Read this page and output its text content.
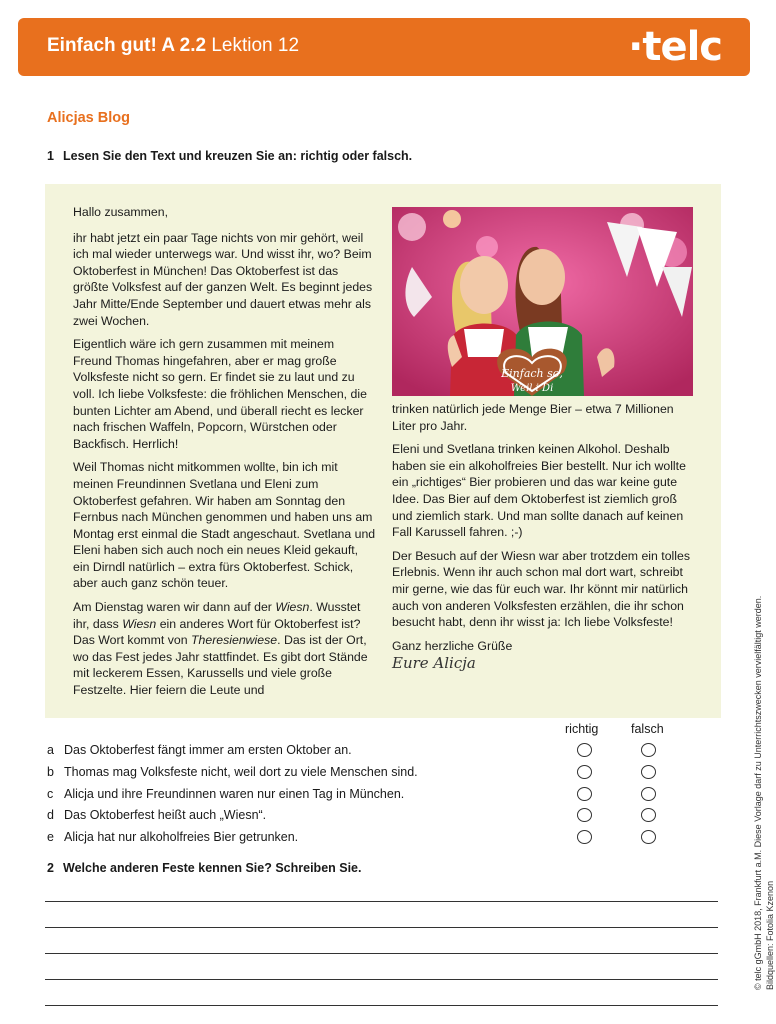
Einfach gut! A 2.2 Lektion 12	·telc
Alicjas Blog
1 Lesen Sie den Text und kreuzen Sie an: richtig oder falsch.

Hallo zusammen,

ihr habt jetzt ein paar Tage nichts von mir gehört, weil ich mal wieder unterwegs war. Und wisst ihr, wo? Beim Oktoberfest in München! Das Oktoberfest ist das größte Volksfest auf der ganzen Welt. Es beginnt jedes Jahr Mitte/Ende September und dauert etwas mehr als zwei Wochen.

Eigentlich wäre ich gern zusammen mit meinem Freund Thomas hingefahren, aber er mag große Volksfeste nicht so gern. Er findet sie zu laut und zu voll. Ich liebe Volksfeste: die fröhlichen Menschen, die bunten Lichter am Abend, und überall riecht es lecker nach frischen Waffeln, Popcorn, Würstchen oder Backfisch. Herrlich!

Weil Thomas nicht mitkommen wollte, bin ich mit meinen Freundinnen Svetlana und Eleni zum Oktoberfest gefahren. Wir haben am Sonntag den Fernbus nach München genommen und haben uns am Montag erst einmal die Stadt angeschaut. Svetlana und Eleni haben sich auch noch ein neues Kleid gekauft, ein Dirndl natürlich – extra fürs Oktoberfest. Schick, aber auch ganz schön teuer.

Am Dienstag waren wir dann auf der Wiesn. Wusstet ihr, dass Wiesn ein anderes Wort für Oktoberfest ist? Das Wort kommt von Theresienwiese. Das ist der Ort, wo das Fest jedes Jahr stattfindet. Es gibt dort Stände mit leckerem Essen, Karussells und viele große Festzelte. Hier feiern die Leute und

Einfach so,
Weil i Di

trinken natürlich jede Menge Bier – etwa 7 Millionen Liter pro Jahr.

Eleni und Svetlana trinken keinen Alkohol. Deshalb haben sie ein alkoholfreies Bier bestellt. Nur ich wollte ein „richtiges“ Bier probieren und das war keine gute Idee. Das Bier auf dem Oktoberfest ist ziemlich groß und ziemlich stark. Und man sollte danach auf keinen Fall Karussell fahren. ;-)

Der Besuch auf der Wiesn war aber trotzdem ein tolles Erlebnis. Wenn ihr auch schon mal dort wart, schreibt mir gerne, wie das für euch war. Ihr könnt mir natürlich auch von anderen Volksfesten erzählen, die ihr schon besucht habt, denn ihr wisst ja: Ich liebe Volksfeste!

Ganz herzliche Grüße

Eure Alicja
richtig	falsch
a Das Oktoberfest fängt immer am ersten Oktober an.
b Thomas mag Volksfeste nicht, weil dort zu viele Menschen sind.
c Alicja und ihre Freundinnen waren nur einen Tag in München.
d Das Oktoberfest heißt auch „Wiesn“.
e Alicja hat nur alkoholfreies Bier getrunken.
2 Welche anderen Feste kennen Sie? Schreiben Sie.	© telc gGmbH 2018, Frankfurt a.M. Diese Vorlage darf zu Unterrichtszwecken vervielfältigt werden. Bildquellen: Fotolia Kzenon
